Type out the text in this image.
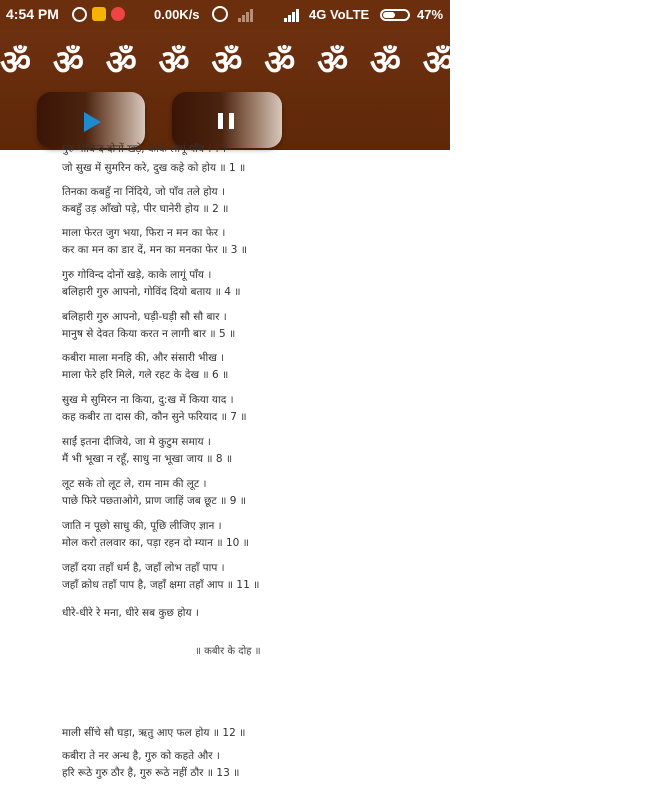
4:54 PM	0.00K/s	4G VoLTE	47%
ॐ ॐ ॐ ॐ ॐ ॐ ॐ ॐ ॐ ॐ ॐ ॐ ॐ
गुरु गोविन्द दोनों खड़े, काके लागूं पाँय । । ।
जो सुख में सुमरिन करे, दुख कहे को होय ॥ 1 ॥
तिनका कबहुँ ना निंदिये, जो पाँव तले होय ।
कबहुँ उड़ आँखो पड़े, पीर घानेरी होय ॥ 2 ॥
माला फेरत जुग भया, फिरा न मन का फेर ।
कर का मन का डार दें, मन का मनका फेर ॥ 3 ॥
गुरु गोविन्द दोनों खड़े, काके लागूं पाँय ।
बलिहारी गुरु आपनो, गोविंद दियो बताय ॥ 4 ॥
बलिहारी गुरु आपनो, घड़ी-घड़ी सौ सौ बार ।
मानुष से देवत किया करत न लागी बार ॥ 5 ॥
कबीरा माला मनहि की, और संसारी भीख ।
माला फेरे हरि मिले, गले रहट के देख ॥ 6 ॥
सुख मे सुमिरन ना किया, दु:ख में किया याद ।
कह कबीर ता दास की, कौन सुने फरियाद ॥ 7 ॥
साईं इतना दीजिये, जा मे कुटुम समाय ।
मैं भी भूखा न रहूँ, साधु ना भूखा जाय ॥ 8 ॥
लूट सके तो लूट ले, राम नाम की लूट ।
पाछे फिरे पछताओगे, प्राण जाहिं जब छूट ॥ 9 ॥
जाति न पूछो साधु की, पूछि लीजिए ज्ञान ।
मोल करो तलवार का, पड़ा रहन दो म्यान ॥ 10 ॥
जहाँ दया तहाँ धर्म है, जहाँ लोभ तहाँ पाप ।
जहाँ क्रोध तहाँ पाप है, जहाँ क्षमा तहाँ आप ॥ 11 ॥
धीरे-धीरे रे मना, धीरे सब कुछ होय ।
॥ कबीर के दोह ॥
माली सींचे सौ घड़ा, ऋतु आए फल होय ॥ 12 ॥
कबीरा ते नर अन्ध है, गुरु को कहते और ।
हरि रूठे गुरु ठौर है, गुरु रूठे नहीं ठौर ॥ 13 ॥
